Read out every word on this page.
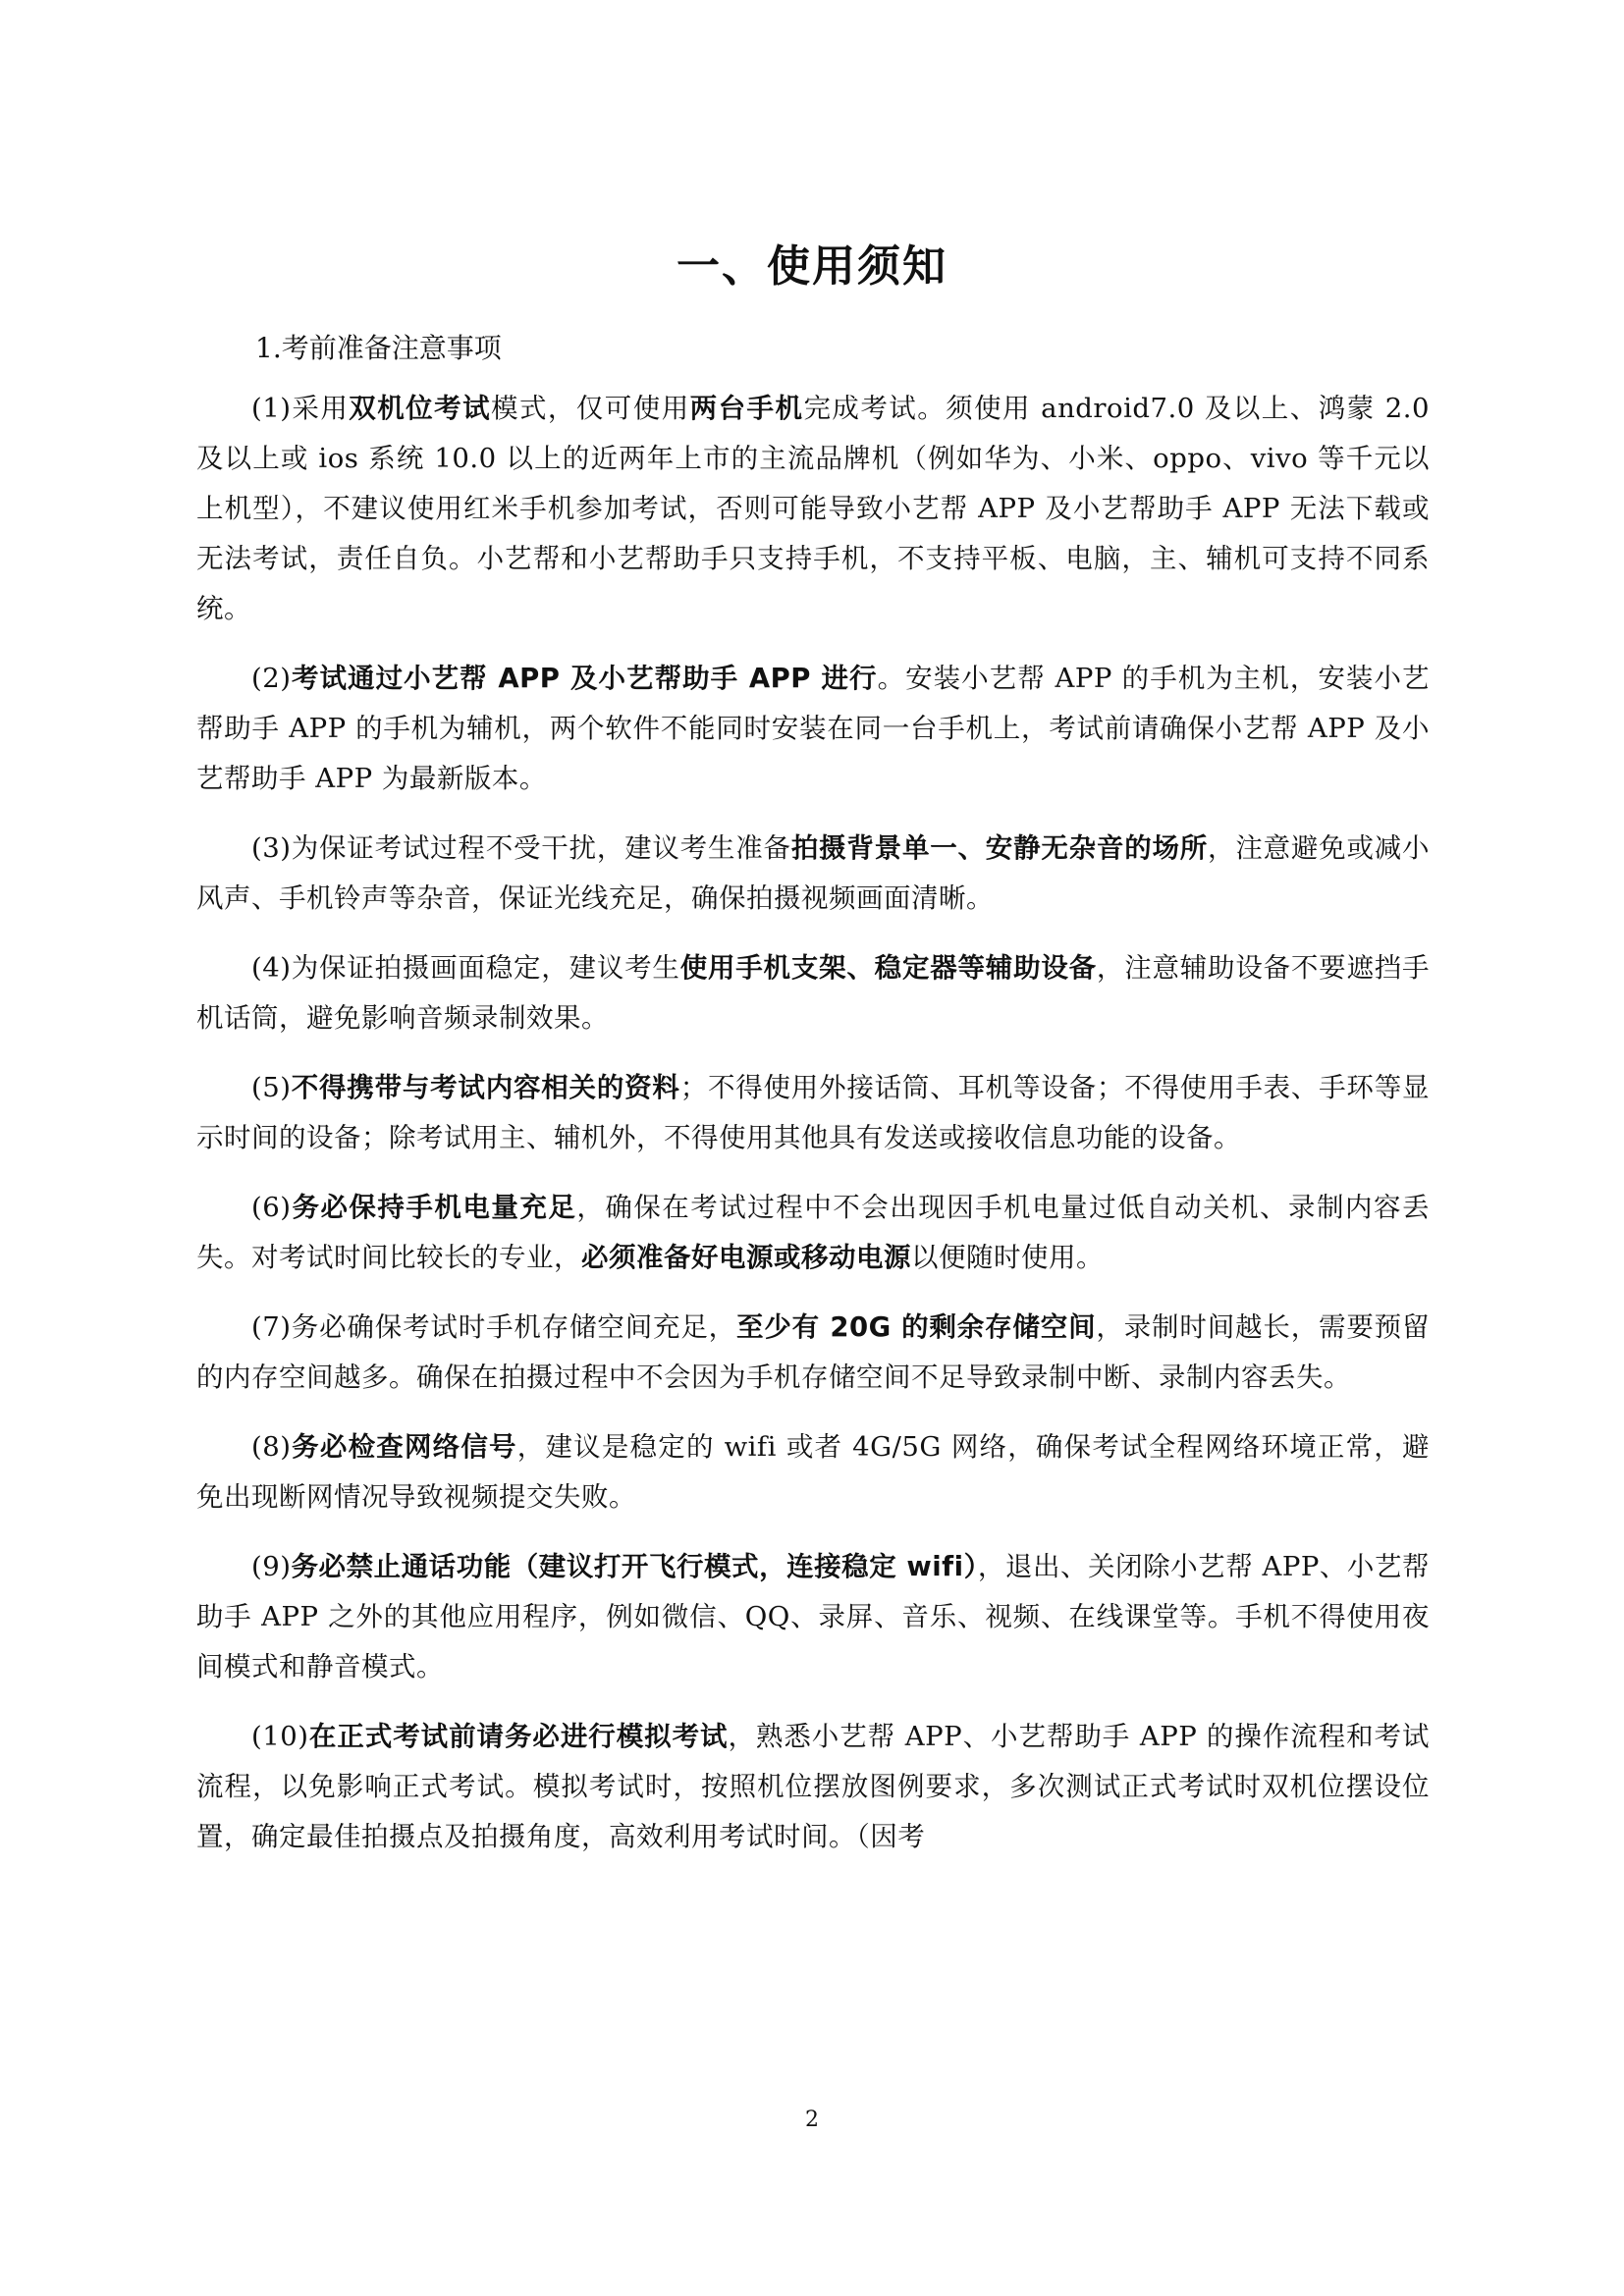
一、使用须知

1.考前准备注意事项

(1)采用双机位考试模式，仅可使用两台手机完成考试。须使用 android7.0 及以上、鸿蒙 2.0 及以上或 ios 系统 10.0 以上的近两年上市的主流品牌机（例如华为、小米、oppo、vivo 等千元以上机型），不建议使用红米手机参加考试，否则可能导致小艺帮 APP 及小艺帮助手 APP 无法下载或无法考试，责任自负。小艺帮和小艺帮助手只支持手机，不支持平板、电脑，主、辅机可支持不同系统。

(2)考试通过小艺帮 APP 及小艺帮助手 APP 进行。安装小艺帮 APP 的手机为主机，安装小艺帮助手 APP 的手机为辅机，两个软件不能同时安装在同一台手机上，考试前请确保小艺帮 APP 及小艺帮助手 APP 为最新版本。

(3)为保证考试过程不受干扰，建议考生准备拍摄背景单一、安静无杂音的场所，注意避免或减小风声、手机铃声等杂音，保证光线充足，确保拍摄视频画面清晰。

(4)为保证拍摄画面稳定，建议考生使用手机支架、稳定器等辅助设备，注意辅助设备不要遮挡手机话筒，避免影响音频录制效果。

(5)不得携带与考试内容相关的资料；不得使用外接话筒、耳机等设备；不得使用手表、手环等显示时间的设备；除考试用主、辅机外，不得使用其他具有发送或接收信息功能的设备。

(6)务必保持手机电量充足，确保在考试过程中不会出现因手机电量过低自动关机、录制内容丢失。对考试时间比较长的专业，必须准备好电源或移动电源以便随时使用。

(7)务必确保考试时手机存储空间充足，至少有 20G 的剩余存储空间，录制时间越长，需要预留的内存空间越多。确保在拍摄过程中不会因为手机存储空间不足导致录制中断、录制内容丢失。

(8)务必检查网络信号，建议是稳定的 wifi 或者 4G/5G 网络，确保考试全程网络环境正常，避免出现断网情况导致视频提交失败。

(9)务必禁止通话功能（建议打开飞行模式，连接稳定 wifi），退出、关闭除小艺帮 APP、小艺帮助手 APP 之外的其他应用程序，例如微信、QQ、录屏、音乐、视频、在线课堂等。手机不得使用夜间模式和静音模式。

(10)在正式考试前请务必进行模拟考试，熟悉小艺帮 APP、小艺帮助手 APP 的操作流程和考试流程，以免影响正式考试。模拟考试时，按照机位摆放图例要求，多次测试正式考试时双机位摆设位置，确定最佳拍摄点及拍摄角度，高效利用考试时间。（因考

2
